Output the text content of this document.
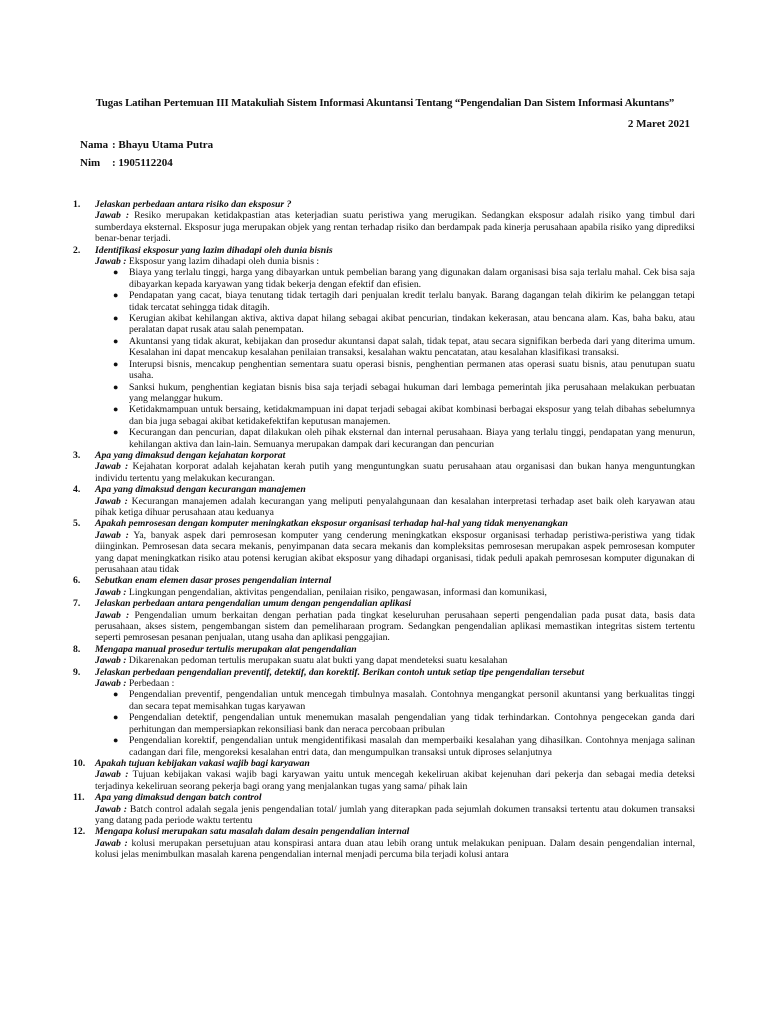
Tugas Latihan Pertemuan III Matakuliah Sistem Informasi Akuntansi Tentang “Pengendalian Dan Sistem Informasi Akuntans”
2 Maret 2021
Nama : Bhayu Utama Putra
Nim : 1905112204
1. Jelaskan perbedaan antara risiko dan eksposur ?
Jawab : Resiko merupakan ketidakpastian atas keterjadian suatu peristiwa yang merugikan. Sedangkan eksposur adalah risiko yang timbul dari sumberdaya eksternal. Eksposur juga merupakan objek yang rentan terhadap risiko dan berdampak pada kinerja perusahaan apabila risiko yang diprediksi benar-benar terjadi.
2. Identifikasi eksposur yang lazim dihadapi oleh dunia bisnis
Jawab : Eksposur yang lazim dihadapi oleh dunia bisnis :
● Biaya yang terlalu tinggi, harga yang dibayarkan untuk pembelian barang yang digunakan dalam organisasi bisa saja terlalu mahal. Cek bisa saja dibayarkan kepada karyawan yang tidak bekerja dengan efektif dan efisien.
● Pendapatan yang cacat, biaya tenutang tidak tertagih dari penjualan kredit terlalu banyak. Barang dagangan telah dikirim ke pelanggan tetapi tidak tercatat sehingga tidak ditagih.
● Kerugian akibat kehilangan aktiva, aktiva dapat hilang sebagai akibat pencurian, tindakan kekerasan, atau bencana alam. Kas, baha baku, atau peralatan dapat rusak atau salah penempatan.
● Akuntansi yang tidak akurat, kebijakan dan prosedur akuntansi dapat salah, tidak tepat, atau secara signifikan berbeda dari yang diterima umum. Kesalahan ini dapat mencakup kesalahan penilaian transaksi, kesalahan waktu pencatatan, atau kesalahan klasifikasi transaksi.
● Interupsi bisnis, mencakup penghentian sementara suatu operasi bisnis, penghentian permanen atas operasi suatu bisnis, atau penutupan suatu usaha.
● Sanksi hukum, penghentian kegiatan bisnis bisa saja terjadi sebagai hukuman dari lembaga pemerintah jika perusahaan melakukan perbuatan yang melanggar hukum.
● Ketidakmampuan untuk bersaing, ketidakmampuan ini dapat terjadi sebagai akibat kombinasi berbagai eksposur yang telah dibahas sebelumnya dan bia juga sebagai akibat ketidakefektifan keputusan manajemen.
● Kecurangan dan pencurian, dapat dilakukan oleh pihak eksternal dan internal perusahaan. Biaya yang terlalu tinggi, pendapatan yang menurun, kehilangan aktiva dan lain-lain. Semuanya merupakan dampak dari kecurangan dan pencurian
3. Apa yang dimaksud dengan kejahatan korporat
Jawab : Kejahatan korporat adalah kejahatan kerah putih yang menguntungkan suatu perusahaan atau organisasi dan bukan hanya menguntungkan individu tertentu yang melakukan kecurangan.
4. Apa yang dimaksud dengan kecurangan manajemen
Jawab : Kecurangan manajemen adalah kecurangan yang meliputi penyalahgunaan dan kesalahan interpretasi terhadap aset baik oleh karyawan atau pihak ketiga dihuar perusahaan atau keduanya
5. Apakah pemrosesan dengan komputer meningkatkan eksposur organisasi terhadap hal-hal yang tidak menyenangkan
Jawab : Ya, banyak aspek dari pemrosesan komputer yang cenderung meningkatkan eksposur organisasi terhadap peristiwa-peristiwa yang tidak diinginkan. Pemrosesan data secara mekanis, penyimpanan data secara mekanis dan kompleksitas pemrosesan merupakan aspek pemrosesan komputer yang dapat meningkatkan risiko atau potensi kerugian akibat eksposur yang dihadapi organisasi, tidak peduli apakah pemrosesan komputer digunakan di perusahaan atau tidak
6. Sebutkan enam elemen dasar proses pengendalian internal
Jawab : Lingkungan pengendalian, aktivitas pengendalian, penilaian risiko, pengawasan, informasi dan komunikasi,
7. Jelaskan perbedaan antara pengendalian umum dengan pengendalian aplikasi
Jawab : Pengendalian umum berkaitan dengan perhatian pada tingkat keseluruhan perusahaan seperti pengendalian pada pusat data, basis data perusahaan, akses sistem, pengembangan sistem dan pemeliharaan program. Sedangkan pengendalian aplikasi memastikan integritas sistem tertentu seperti pemrosesan pesanan penjualan, utang usaha dan aplikasi penggajian.
8. Mengapa manual prosedur tertulis merupakan alat pengendalian
Jawab : Dikarenakan pedoman tertulis merupakan suatu alat bukti yang dapat mendeteksi suatu kesalahan
9. Jelaskan perbedaan pengendalian preventif, detektif, dan korektif. Berikan contoh untuk setiap tipe pengendalian tersebut
Jawab : Perbedaan :
● Pengendalian preventif, pengendalian untuk mencegah timbulnya masalah. Contohnya mengangkat personil akuntansi yang berkualitas tinggi dan secara tepat memisahkan tugas karyawan
● Pengendalian detektif, pengendalian untuk menemukan masalah pengendalian yang tidak terhindarkan. Contohnya pengecekan ganda dari perhitungan dan mempersiapkan rekonsiliasi bank dan neraca percobaan pribulan
● Pengendalian korektif, pengendalian untuk mengidentifikasi masalah dan memperbaiki kesalahan yang dihasilkan. Contohnya menjaga salinan cadangan dari file, mengoreksi kesalahan entri data, dan mengumpulkan transaksi untuk diproses selanjutnya
10. Apakah tujuan kebijakan vakasi wajib bagi karyawan
Jawab : Tujuan kebijakan vakasi wajib bagi karyawan yaitu untuk mencegah kekeliruan akibat kejenuhan dari pekerja dan sebagai media deteksi terjadinya kekeliruan seorang pekerja bagi orang yang menjalankan tugas yang sama/ pihak lain
11. Apa yang dimaksud dengan batch control
Jawab : Batch control adalah segala jenis pengendalian total/ jumlah yang diterapkan pada sejumlah dokumen transaksi tertentu atau dokumen transaksi yang datang pada periode waktu tertentu
12. Mengapa kolusi merupakan satu masalah dalam desain pengendalian internal
Jawab : kolusi merupakan persetujuan atau konspirasi antara duan atau lebih orang untuk melakukan penipuan. Dalam desain pengendalian internal, kolusi jelas menimbulkan masalah karena pengendalian internal menjadi percuma bila terjadi kolusi antara
